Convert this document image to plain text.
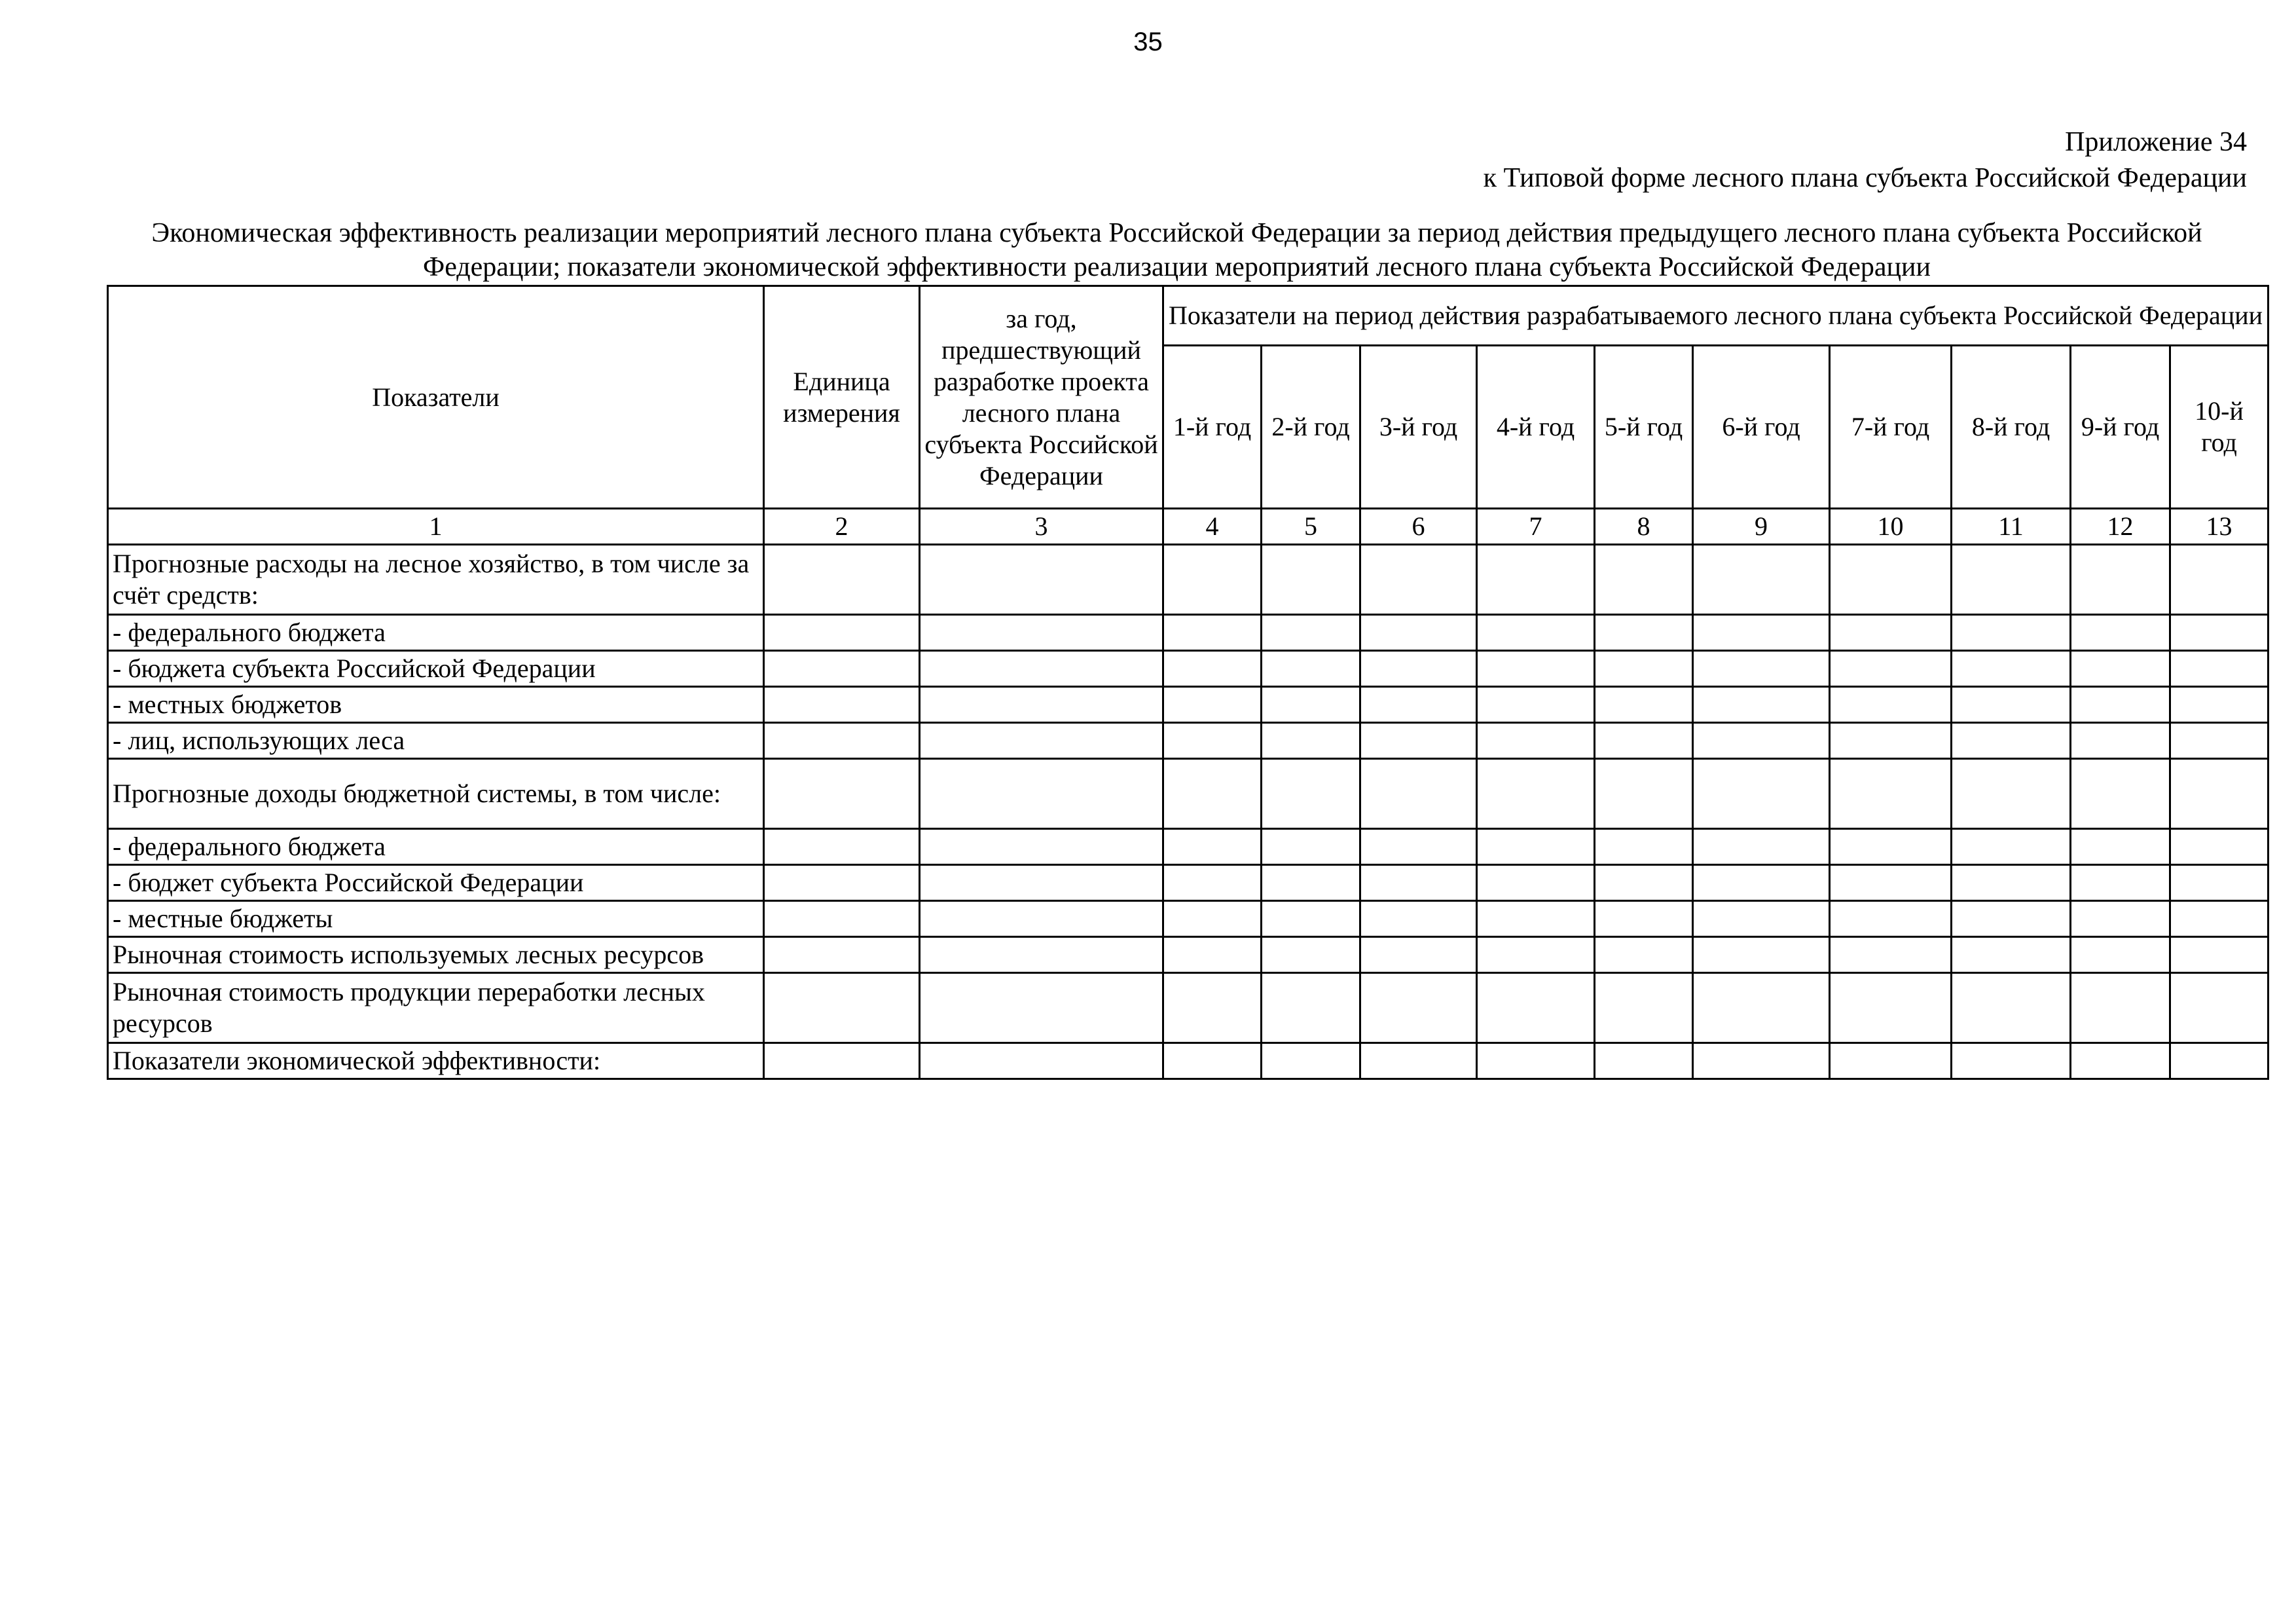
35
Приложение 34
к Типовой форме лесного плана субъекта Российской Федерации
Экономическая эффективность реализации мероприятий лесного плана субъекта Российской Федерации за период действия предыдущего лесного плана субъекта Российской Федерации; показатели экономической эффективности реализации мероприятий лесного плана субъекта Российской Федерации
Показатели	Единица измерения	за год, предшествующий разработке проекта лесного плана субъекта Российской Федерации	Показатели на период действия разрабатываемого лесного плана субъекта Российской Федерации									
			1-й год	2-й год	3-й год	4-й год	5-й год	6-й год	7-й год	8-й год	9-й год	10-й год
1	2	3	4	5	6	7	8	9	10	11	12	13
Прогнозные расходы на лесное хозяйство, в том числе за счёт средств:												
- федерального бюджета												
- бюджета субъекта Российской Федерации												
- местных бюджетов												
- лиц, использующих леса												
Прогнозные доходы бюджетной системы, в том числе:												
- федерального бюджета												
- бюджет субъекта Российской Федерации												
- местные бюджеты												
Рыночная стоимость используемых лесных ресурсов												
Рыночная стоимость продукции переработки лесных ресурсов												
Показатели экономической эффективности:												
